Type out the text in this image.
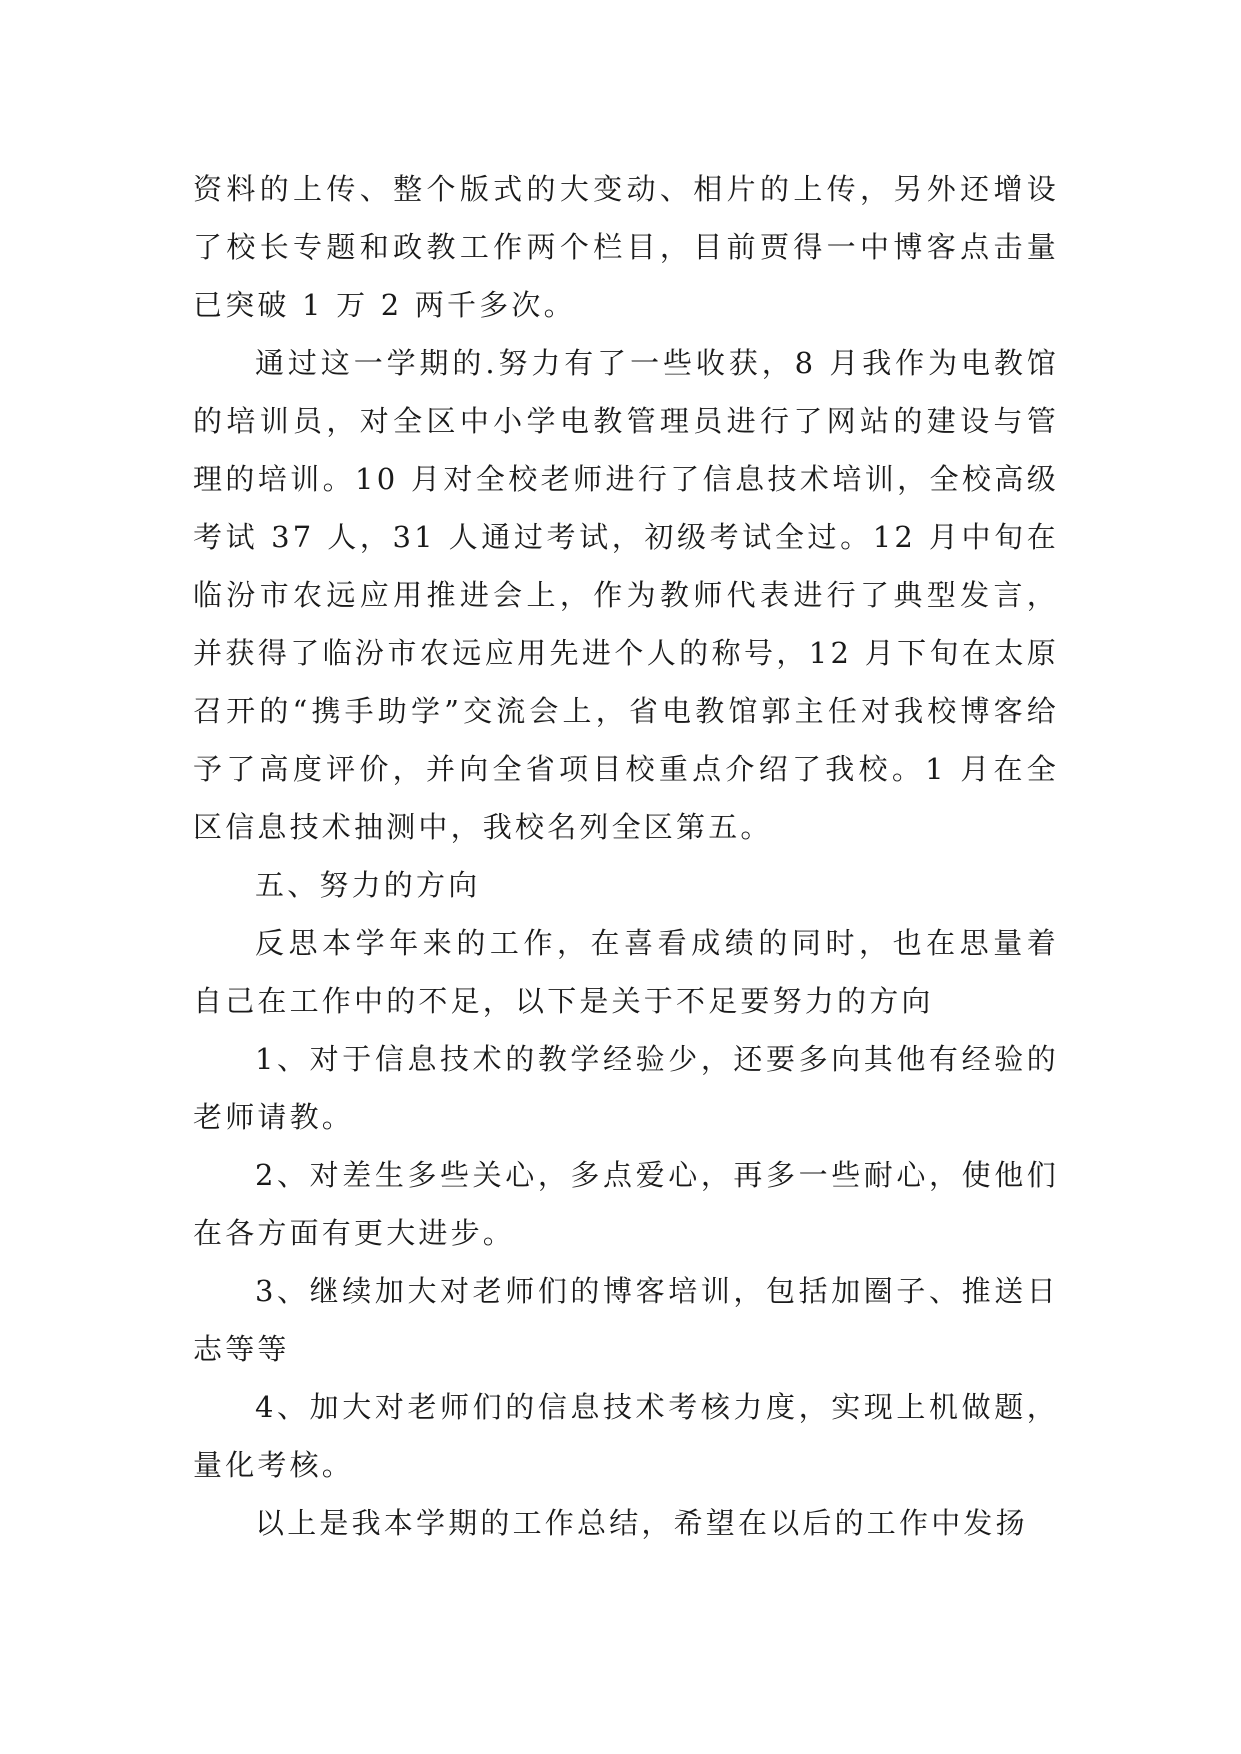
资料的上传、整个版式的大变动、相片的上传，另外还增设了校长专题和政教工作两个栏目，目前贾得一中博客点击量已突破 1 万 2 两千多次。

通过这一学期的.努力有了一些收获，8 月我作为电教馆的培训员，对全区中小学电教管理员进行了网站的建设与管理的培训。10 月对全校老师进行了信息技术培训，全校高级考试 37 人，31 人通过考试，初级考试全过。12 月中旬在临汾市农远应用推进会上，作为教师代表进行了典型发言，并获得了临汾市农远应用先进个人的称号，12 月下旬在太原召开的“携手助学”交流会上，省电教馆郭主任对我校博客给予了高度评价，并向全省项目校重点介绍了我校。1 月在全区信息技术抽测中，我校名列全区第五。

五、努力的方向

反思本学年来的工作，在喜看成绩的同时，也在思量着自己在工作中的不足，以下是关于不足要努力的方向

1、对于信息技术的教学经验少，还要多向其他有经验的老师请教。

2、对差生多些关心，多点爱心，再多一些耐心，使他们在各方面有更大进步。

3、继续加大对老师们的博客培训，包括加圈子、推送日志等等

4、加大对老师们的信息技术考核力度，实现上机做题，量化考核。

以上是我本学期的工作总结，希望在以后的工作中发扬
